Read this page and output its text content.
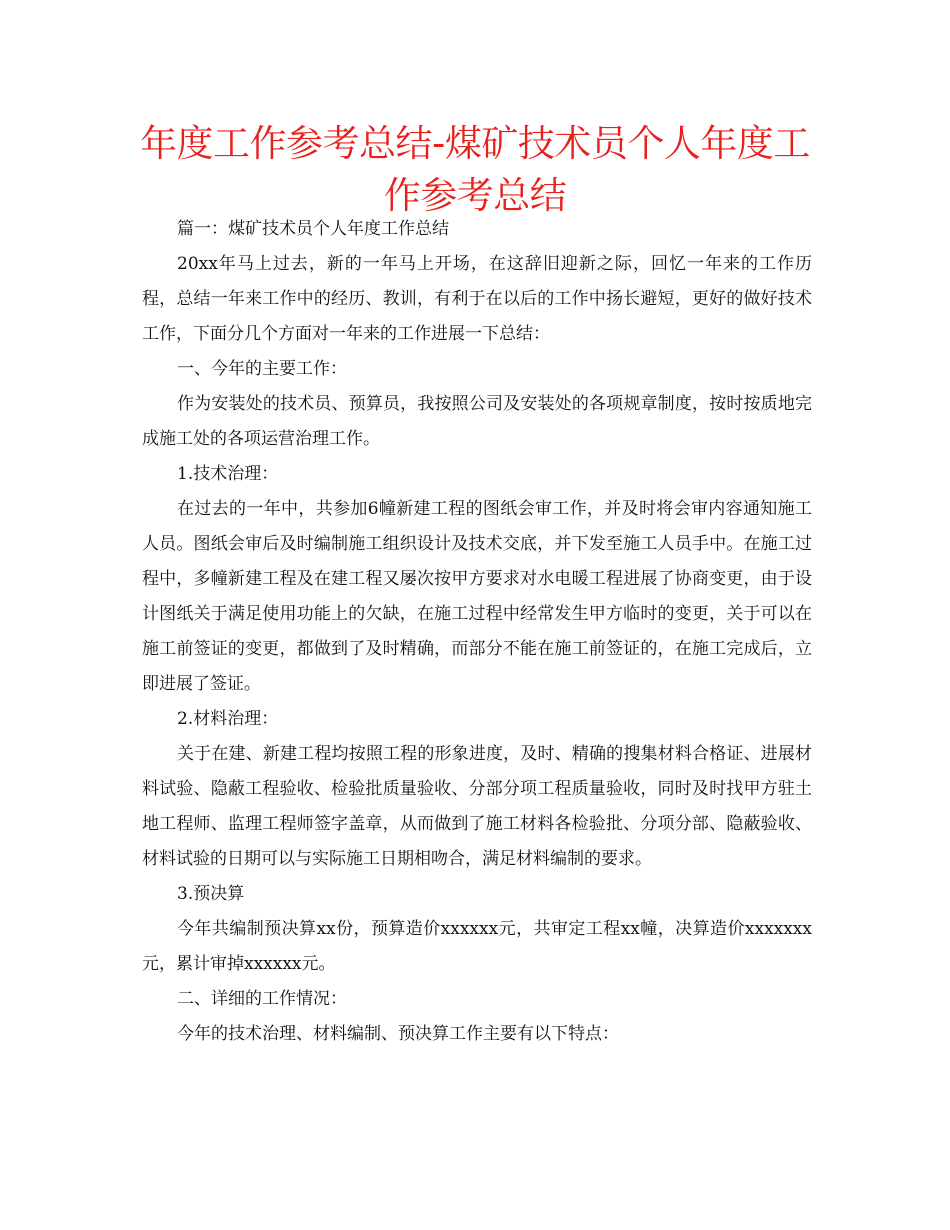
年度工作参考总结-煤矿技术员个人年度工作参考总结

篇一：煤矿技术员个人年度工作总结

20xx年马上过去，新的一年马上开场，在这辞旧迎新之际，回忆一年来的工作历程，总结一年来工作中的经历、教训，有利于在以后的工作中扬长避短，更好的做好技术工作，下面分几个方面对一年来的工作进展一下总结：

一、今年的主要工作：

作为安装处的技术员、预算员，我按照公司及安装处的各项规章制度，按时按质地完成施工处的各项运营治理工作。

1.技术治理：

在过去的一年中，共参加6幢新建工程的图纸会审工作，并及时将会审内容通知施工人员。图纸会审后及时编制施工组织设计及技术交底，并下发至施工人员手中。在施工过程中，多幢新建工程及在建工程又屡次按甲方要求对水电暖工程进展了协商变更，由于设计图纸关于满足使用功能上的欠缺，在施工过程中经常发生甲方临时的变更，关于可以在施工前签证的变更，都做到了及时精确，而部分不能在施工前签证的，在施工完成后，立即进展了签证。

2.材料治理：

关于在建、新建工程均按照工程的形象进度，及时、精确的搜集材料合格证、进展材料试验、隐蔽工程验收、检验批质量验收、分部分项工程质量验收，同时及时找甲方驻土地工程师、监理工程师签字盖章，从而做到了施工材料各检验批、分项分部、隐蔽验收、材料试验的日期可以与实际施工日期相吻合，满足材料编制的要求。

3.预决算

今年共编制预决算xx份，预算造价xxxxxx元，共审定工程xx幢，决算造价xxxxxxx元，累计审掉xxxxxx元。

二、详细的工作情况：

今年的技术治理、材料编制、预决算工作主要有以下特点：
